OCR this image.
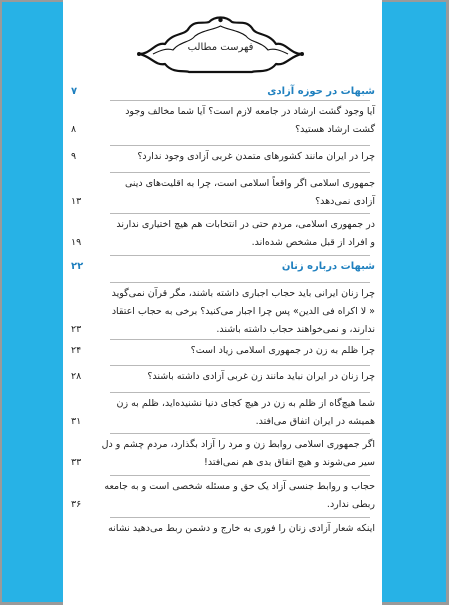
فهرست مطالب
شبهات در حوزه آزادی
۷
آیا وجود گشت ارشاد در جامعه لازم است؟ آیا شما مخالف وجود
گشت ارشاد هستید؟
۸
چرا در ایران مانند کشورهای متمدن غربی آزادی وجود ندارد؟
۹
جمهوری اسلامی اگر واقعاً اسلامی است، چرا به اقلیت‌های دینی
آزادی نمی‌دهد؟
۱۳
در جمهوری اسلامی، مردم حتی در انتخابات هم هیچ اختیاری ندارند
و افراد از قبل مشخص شده‌اند.
۱۹
شبهات درباره زنان
۲۲
چرا زنان ایرانی باید حجاب اجباری داشته باشند، مگر قرآن نمی‌گوید
« لا اکراه فی الدین» پس چرا اجبار می‌کنید؟ برخی به حجاب اعتقاد
ندارند، و نمی‌خواهند حجاب داشته باشند.
۲۳
چرا ظلم به زن در جمهوری اسلامی زیاد است؟
۲۴
چرا زنان در ایران نباید مانند زن غربی آزادی داشته باشند؟
۲۸
شما هیچ‌گاه از ظلم به زن در هیچ کجای دنیا نشنیده‌اید، ظلم به زن
همیشه در ایران اتفاق می‌افتد.
۳۱
اگر جمهوری اسلامی روابط زن و مرد را آزاد بگذارد، مردم چشم و دل
سیر می‌شوند و هیچ اتفاق بدی هم نمی‌افتد!
۳۳
حجاب و روابط جنسی آزاد یک حق و مسئله شخصی است و به جامعه
ربطی ندارد.
۳۶
اینکه شعار آزادی زنان را فوری به خارج و دشمن ربط می‌دهید نشانه
